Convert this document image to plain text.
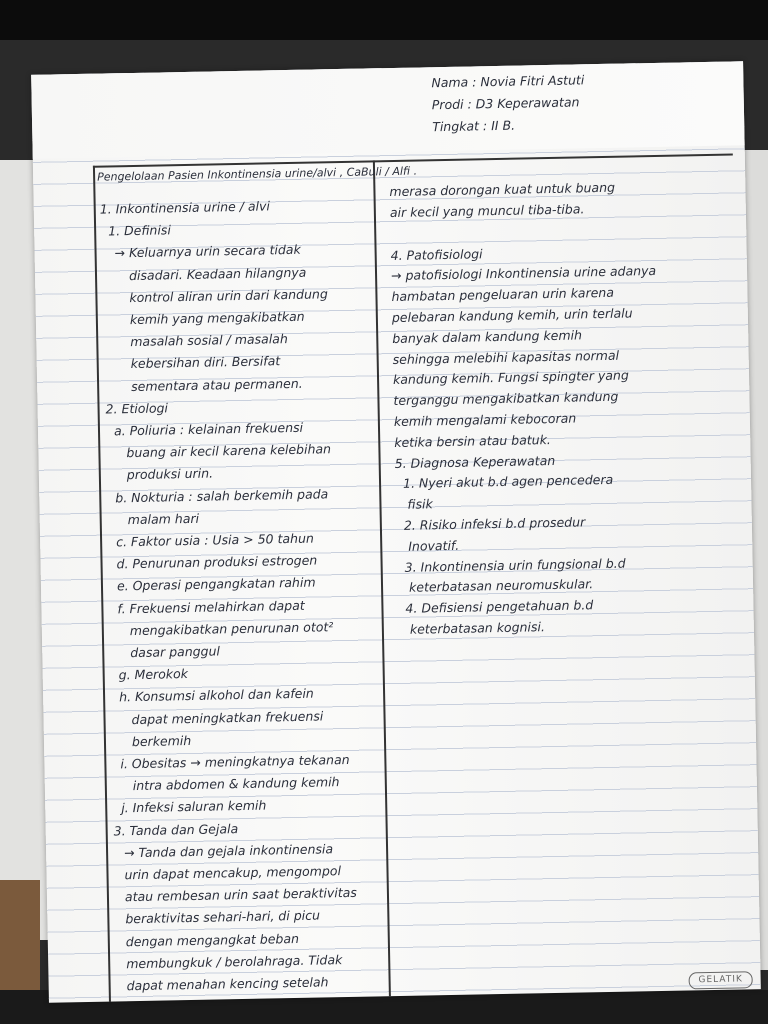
Nama : Novia Fitri Astuti
Prodi : D3 Keperawatan
Tingkat : II B.
Pengelolaan Pasien Inkontinensia urine/alvi , CaBuli / Alfi .
1. Inkontinensia urine / alvi
1. Definisi
→ Keluarnya urin secara tidak
disadari. Keadaan hilangnya
kontrol aliran urin dari kandung
kemih yang mengakibatkan
masalah sosial / masalah
kebersihan diri. Bersifat
sementara atau permanen.
2. Etiologi
a. Poliuria : kelainan frekuensi
buang air kecil karena kelebihan
produksi urin.
b. Nokturia : salah berkemih pada
malam hari
c. Faktor usia : Usia > 50 tahun
d. Penurunan produksi estrogen
e. Operasi pengangkatan rahim
f. Frekuensi melahirkan dapat
mengakibatkan penurunan otot²
dasar panggul
g. Merokok
h. Konsumsi alkohol dan kafein
dapat meningkatkan frekuensi
berkemih
i. Obesitas → meningkatnya tekanan
intra abdomen & kandung kemih
j. Infeksi saluran kemih
3. Tanda dan Gejala
→ Tanda dan gejala inkontinensia
urin dapat mencakup, mengompol
atau rembesan urin saat beraktivitas
beraktivitas sehari-hari, di picu
dengan mengangkat beban
membungkuk / berolahraga. Tidak
dapat menahan kencing setelah
merasa dorongan kuat untuk buang
air kecil yang muncul tiba-tiba.
4. Patofisiologi
→ patofisiologi Inkontinensia urine adanya
hambatan pengeluaran urin karena
pelebaran kandung kemih, urin terlalu
banyak dalam kandung kemih
sehingga melebihi kapasitas normal
kandung kemih. Fungsi spingter yang
terganggu mengakibatkan kandung
kemih mengalami kebocoran
ketika bersin atau batuk.
5. Diagnosa Keperawatan
1. Nyeri akut b.d agen pencedera
fisik
2. Risiko infeksi b.d prosedur
Inovatif.
3. Inkontinensia urin fungsional b.d
keterbatasan neuromuskular.
4. Defisiensi pengetahuan b.d
keterbatasan kognisi.
GELATIK
